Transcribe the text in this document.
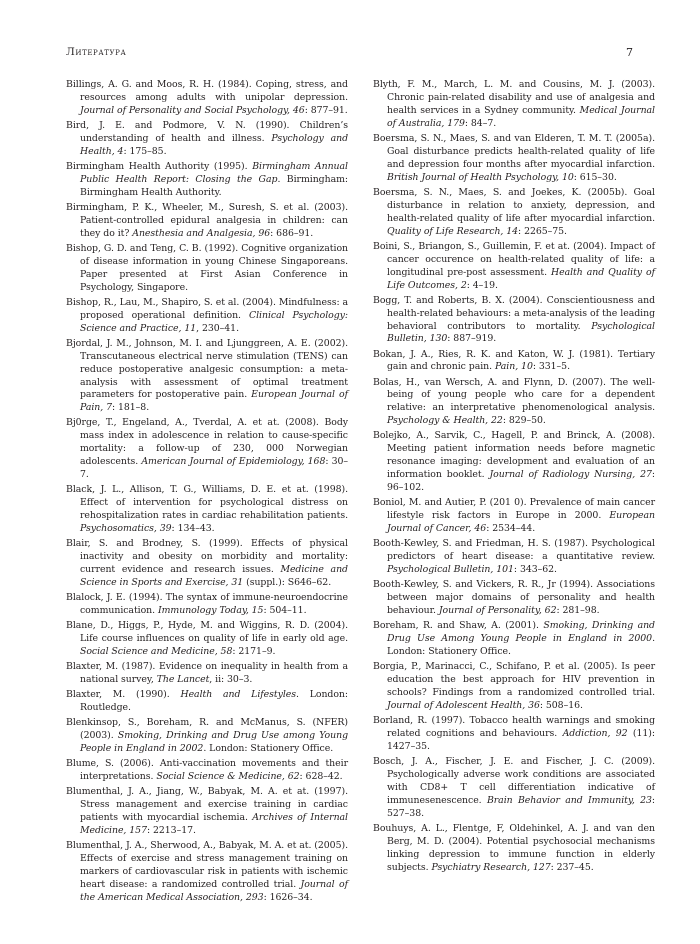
Литература	7

Billings, A. G. and Moos, R. H. (1984). Coping, stress, and resources among adults with unipolar depression. Journal of Personality and Social Psychology, 46: 877–91.

Bird, J. E. and Podmore, V. N. (1990). Children’s understanding of health and illness. Psychology and Health, 4: 175–85.

Birmingham Health Authority (1995). Birmingham Annual Public Health Report: Closing the Gap. Birmingham: Birmingham Health Authority.

Birmingham, P. K., Wheeler, M., Suresh, S. et al. (2003). Patient-controlled epidural analgesia in children: can they do it? Anesthesia and Analgesia, 96: 686–91.

Bishop, G. D. and Teng, C. B. (1992). Cognitive organization of disease information in young Chinese Singaporeans. Paper presented at First Asian Conference in Psychology, Singapore.

Bishop, R., Lau, M., Shapiro, S. et al. (2004). Mindfulness: a proposed operational definition. Clinical Psychology: Science and Practice, 11, 230–41.

Bjordal, J. M., Johnson, M. I. and Ljunggreen, A. E. (2002). Transcutaneous electrical nerve stimulation (TENS) can reduce postoperative analgesic consumption: a meta-analysis with assessment of optimal treatment parameters for postoperative pain. European Journal of Pain, 7: 181–8.

Bj0rge, T., Engeland, A., Tverdal, A. et at. (2008). Body mass index in adolescence in relation to cause-specific mortality: a follow-up of 230, 000 Norwegian adolescents. American Journal of Epidemiology, 168: 30–7.

Black, J. L., Allison, T. G., Williams, D. E. et at. (1998). Effect of intervention for psychological distress on rehospitalization rates in cardiac rehabilitation patients. Psychosomatics, 39: 134–43.

Blair, S. and Brodney, S. (1999). Effects of physical inactivity and obesity on morbidity and mortality: current evidence and research issues. Medicine and Science in Sports and Exercise, 31 (suppl.): S646–62.

Blalock, J. E. (1994). The syntax of immune-neuroendocrine communication. Immunology Today, 15: 504–11.

Blane, D., Higgs, P., Hyde, M. and Wiggins, R. D. (2004). Life course influences on quality of life in early old age. Social Science and Medicine, 58: 2171–9.

Blaxter, M. (1987). Evidence on inequality in health from a national survey, The Lancet, ii: 30–3.

Blaxter, M. (1990). Health and Lifestyles. London: Routledge.

Blenkinsop, S., Boreham, R. and McManus, S. (NFER) (2003). Smoking, Drinking and Drug Use among Young People in England in 2002. London: Stationery Office.

Blume, S. (2006). Anti-vaccination movements and their interpretations. Social Science & Medicine, 62: 628–42.

Blumenthal, J. A., Jiang, W., Babyak, M. A. et at. (1997). Stress management and exercise training in cardiac patients with myocardial ischemia. Archives of Internal Medicine, 157: 2213–17.

Blumenthal, J. A., Sherwood, A., Babyak, M. A. et at. (2005). Effects of exercise and stress management training on markers of cardiovascular risk in patients with ischemic heart disease: a randomized controlled trial. Journal of the American Medical Association, 293: 1626–34.

Blyth, F. M., March, L. M. and Cousins, M. J. (2003). Chronic pain-related disability and use of analgesia and health services in a Sydney community. Medical Journal of Australia, 179: 84–7.

Boersma, S. N., Maes, S. and van Elderen, T. M. T. (2005a). Goal disturbance predicts health-related quality of life and depression four months after myocardial infarction. British Journal of Health Psychology, 10: 615–30.

Boersma, S. N., Maes, S. and Joekes, K. (2005b). Goal disturbance in relation to anxiety, depression, and health-related quality of life after myocardial infarction. Quality of Life Research, 14: 2265–75.

Boini, S., Briangon, S., Guillemin, F. et at. (2004). Impact of cancer occurence on health-related quality of life: a longitudinal pre-post assessment. Health and Quality of Life Outcomes, 2: 4–19.

Bogg, T. and Roberts, B. X. (2004). Conscientiousness and health-related behaviours: a meta-analysis of the leading behavioral contributors to mortality. Psychological Bulletin, 130: 887–919.

Bokan, J. A., Ries, R. K. and Katon, W. J. (1981). Tertiary gain and chronic pain. Pain, 10: 331–5.

Bolas, H., van Wersch, A. and Flynn, D. (2007). The well-being of young people who care for a dependent relative: an interpretative phenomenological analysis. Psychology & Health, 22: 829–50.

Bolejko, A., Sarvik, C., Hagell, P. and Brinck, A. (2008). Meeting patient information needs before magnetic resonance imaging: development and evaluation of an information booklet. Journal of Radiology Nursing, 27: 96–102.

Boniol, M. and Autier, P. (201 0). Prevalence of main cancer lifestyle risk factors in Europe in 2000. European Journal of Cancer, 46: 2534–44.

Booth-Kewley, S. and Friedman, H. S. (1987). Psychological predictors of heart disease: a quantitative review. Psychological Bulletin, 101: 343–62.

Booth-Kewley, S. and Vickers, R. R., Jr (1994). Associations between major domains of personality and health behaviour. Journal of Personality, 62: 281–98.

Boreham, R. and Shaw, A. (2001). Smoking, Drinking and Drug Use Among Young People in England in 2000. London: Stationery Office.

Borgia, P., Marinacci, C., Schifano, P. et al. (2005). Is peer education the best approach for HIV prevention in schools? Findings from a randomized controlled trial. Journal of Adolescent Health, 36: 508–16.

Borland, R. (1997). Tobacco health warnings and smoking related cognitions and behaviours. Addiction, 92 (11): 1427–35.

Bosch, J. A., Fischer, J. E. and Fischer, J. C. (2009). Psychologically adverse work conditions are associated with CD8+ T cell differentiation indicative of immunesenescence. Brain Behavior and Immunity, 23: 527–38.

Bouhuys, A. L., Flentge, F, Oldehinkel, A. J. and van den Berg, M. D. (2004). Potential psychosocial mechanisms linking depression to immune function in elderly subjects. Psychiatry Research, 127: 237–45.
